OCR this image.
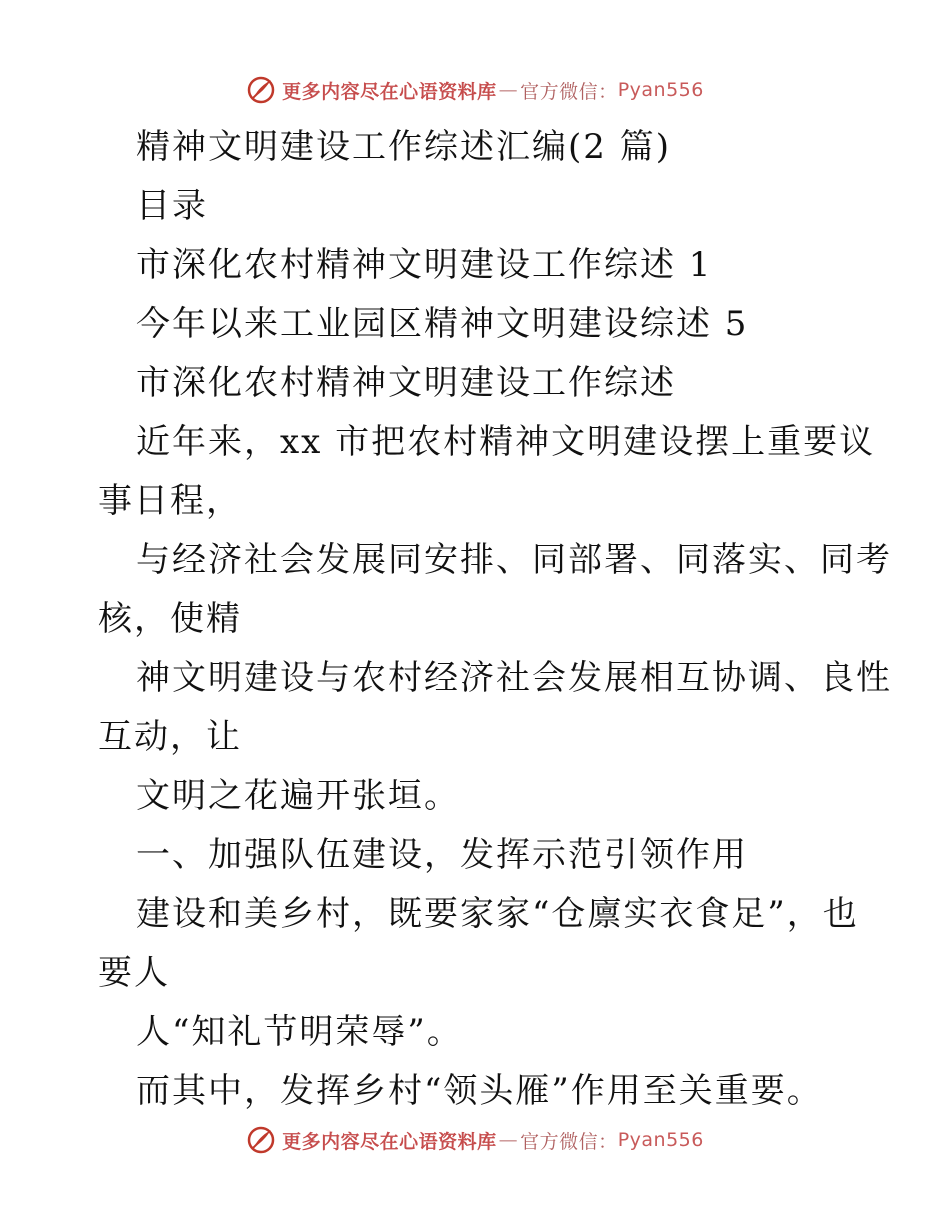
更多内容尽在心语资料库 — 官方微信： Pyan556
精神文明建设工作综述汇编(2 篇)
目录
市深化农村精神文明建设工作综述 1
今年以来工业园区精神文明建设综述 5
市深化农村精神文明建设工作综述
近年来，xx 市把农村精神文明建设摆上重要议
事日程，
与经济社会发展同安排、同部署、同落实、同考
核，使精
神文明建设与农村经济社会发展相互协调、良性
互动，让
文明之花遍开张垣。
一、加强队伍建设，发挥示范引领作用
建设和美乡村，既要家家“仓廪实衣食足”，也
要人
人“知礼节明荣辱”。
而其中，发挥乡村“领头雁”作用至关重要。
更多内容尽在心语资料库 — 官方微信： Pyan556
